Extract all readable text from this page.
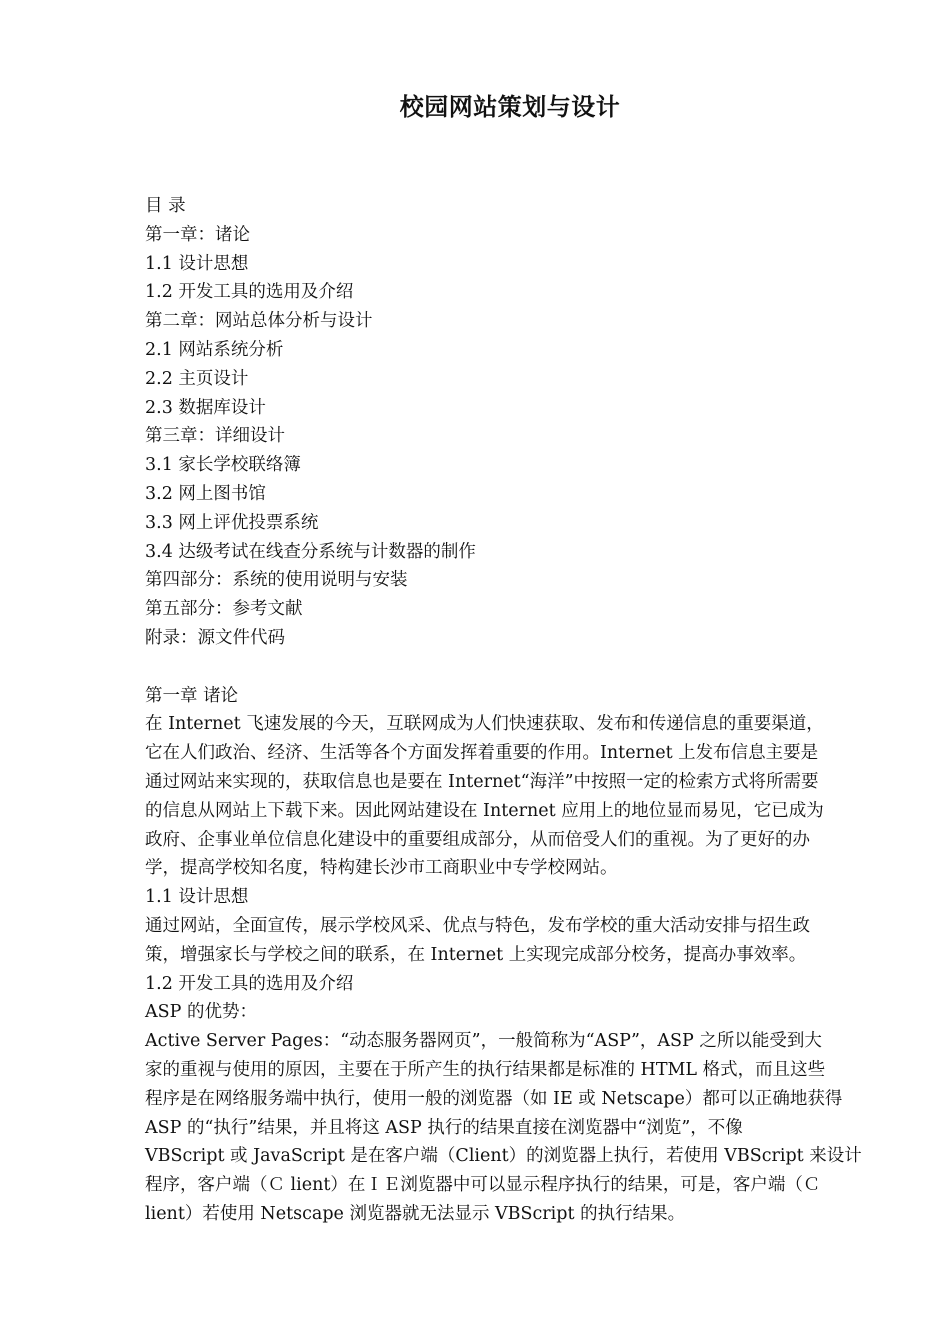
校园网站策划与设计

目 录

第一章：诸论

1.1 设计思想

1.2 开发工具的选用及介绍

第二章：网站总体分析与设计

2.1 网站系统分析

2.2 主页设计

2.3 数据库设计

第三章：详细设计

3.1 家长学校联络簿

3.2 网上图书馆

3.3 网上评优投票系统

3.4 达级考试在线查分系统与计数器的制作

第四部分：系统的使用说明与安装

第五部分：参考文献

附录：源文件代码

第一章 诸论

在 Internet 飞速发展的今天，互联网成为人们快速获取、发布和传递信息的重要渠道，

它在人们政治、经济、生活等各个方面发挥着重要的作用。Internet 上发布信息主要是

通过网站来实现的，获取信息也是要在 Internet“海洋”中按照一定的检索方式将所需要

的信息从网站上下载下来。因此网站建设在 Internet 应用上的地位显而易见，它已成为

政府、企事业单位信息化建设中的重要组成部分，从而倍受人们的重视。为了更好的办

学，提高学校知名度，特构建长沙市工商职业中专学校网站。

1.1 设计思想

通过网站，全面宣传，展示学校风采、优点与特色，发布学校的重大活动安排与招生政

策，增强家长与学校之间的联系，在 Internet 上实现完成部分校务，提高办事效率。

1.2 开发工具的选用及介绍

ASP 的优势：

Active Server Pages：“动态服务器网页”，一般简称为“ASP”，ASP 之所以能受到大

家的重视与使用的原因，主要在于所产生的执行结果都是标准的 HTML 格式，而且这些

程序是在网络服务端中执行，使用一般的浏览器（如 IE 或 Netscape）都可以正确地获得

ASP 的“执行”结果，并且将这 ASP 执行的结果直接在浏览器中“浏览”，不像

VBScript 或 JavaScript 是在客户端（Client）的浏览器上执行，若使用 VBScript 来设计

程序，客户端（Ｃ lient）在ＩＥ浏览器中可以显示程序执行的结果，可是，客户端（Ｃ

lient）若使用 Netscape 浏览器就无法显示 VBScript 的执行结果。
